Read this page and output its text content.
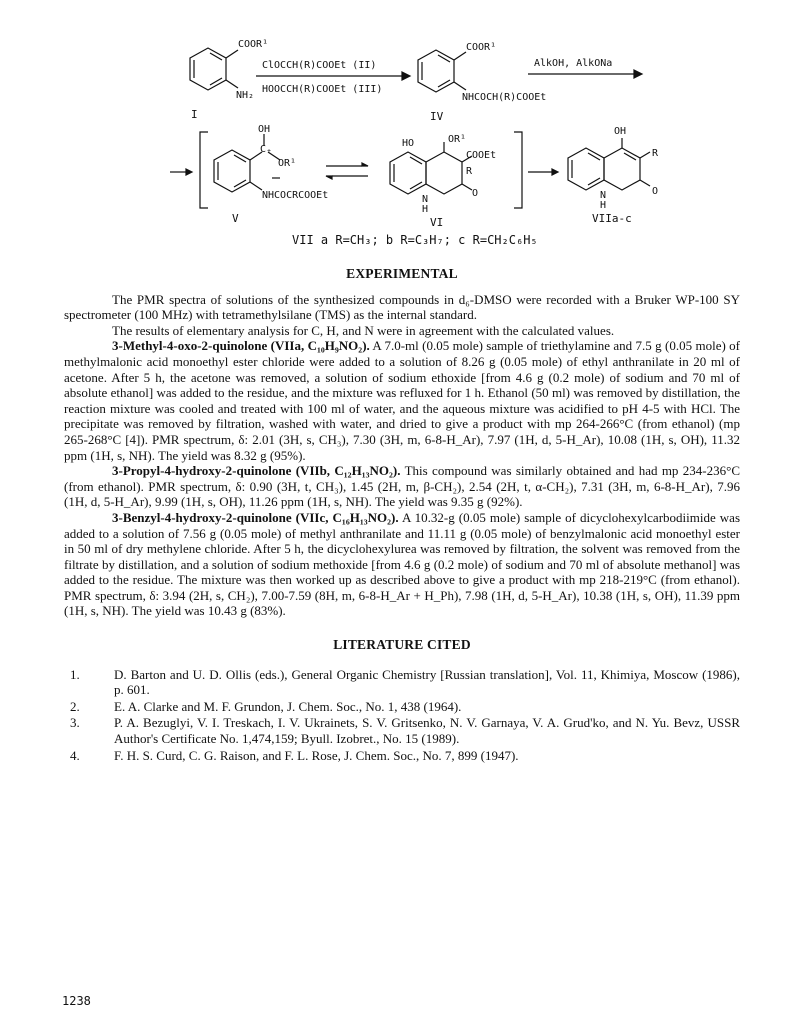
COOR¹
NH₂
I
ClOCCH(R)COOEt (II)
HOOCCH(R)COOEt (III)
COOR¹
NHCOCH(R)COOEt
IV
AlkOH, AlkONa
OH
C₊
OR¹
NHCOCRCOOEt
V
HO	OR¹
COOEt
R
N
H
O
VI
OH
R
N
H
O
VIIa-c
VII a R=CH₃; b R=C₃H₇; c R=CH₂C₆H₅
EXPERIMENTAL

The PMR spectra of solutions of the synthesized compounds in d₆-DMSO were recorded with a Bruker WP-100 SY spectrometer (100 MHz) with tetramethylsilane (TMS) as the internal standard.

The results of elementary analysis for C, H, and N were in agreement with the calculated values.

3-Methyl-4-oxo-2-quinolone (VIIa, C₁₀H₉NO₂). A 7.0-ml (0.05 mole) sample of triethylamine and 7.5 g (0.05 mole) of methylmalonic acid monoethyl ester chloride were added to a solution of 8.26 g (0.05 mole) of ethyl anthranilate in 20 ml of acetone. After 5 h, the acetone was removed, a solution of sodium ethoxide [from 4.6 g (0.2 mole) of sodium and 70 ml of absolute ethanol] was added to the residue, and the mixture was refluxed for 1 h. Ethanol (50 ml) was removed by distillation, the reaction mixture was cooled and treated with 100 ml of water, and the aqueous mixture was acidified to pH 4-5 with HCl. The precipitate was removed by filtration, washed with water, and dried to give a product with mp 264-266°C (from ethanol) (mp 265-268°C [4]). PMR spectrum, δ: 2.01 (3H, s, CH₃), 7.30 (3H, m, 6-8-H_Ar), 7.97 (1H, d, 5-H_Ar), 10.08 (1H, s, OH), 11.32 ppm (1H, s, NH). The yield was 8.32 g (95%).

3-Propyl-4-hydroxy-2-quinolone (VIIb, C₁₂H₁₃NO₂). This compound was similarly obtained and had mp 234-236°C (from ethanol). PMR spectrum, δ: 0.90 (3H, t, CH₃), 1.45 (2H, m, β-CH₂), 2.54 (2H, t, α-CH₂), 7.31 (3H, m, 6-8-H_Ar), 7.96 (1H, d, 5-H_Ar), 9.99 (1H, s, OH), 11.26 ppm (1H, s, NH). The yield was 9.35 g (92%).

3-Benzyl-4-hydroxy-2-quinolone (VIIc, C₁₆H₁₃NO₂). A 10.32-g (0.05 mole) sample of dicyclohexylcarbodiimide was added to a solution of 7.56 g (0.05 mole) of methyl anthranilate and 11.11 g (0.05 mole) of benzylmalonic acid monoethyl ester in 50 ml of dry methylene chloride. After 5 h, the dicyclohexylurea was removed by filtration, the solvent was removed from the filtrate by distillation, and a solution of sodium methoxide [from 4.6 g (0.2 mole) of sodium and 70 ml of absolute methanol] was added to the residue. The mixture was then worked up as described above to give a product with mp 218-219°C (from ethanol). PMR spectrum, δ: 3.94 (2H, s, CH₂), 7.00-7.59 (8H, m, 6-8-H_Ar + H_Ph), 7.98 (1H, d, 5-H_Ar), 10.38 (1H, s, OH), 11.39 ppm (1H, s, NH). The yield was 10.43 g (83%).

LITERATURE CITED
1.	D. Barton and U. D. Ollis (eds.), General Organic Chemistry [Russian translation], Vol. 11, Khimiya, Moscow (1986), p. 601.
2.	E. A. Clarke and M. F. Grundon, J. Chem. Soc., No. 1, 438 (1964).
3.	P. A. Bezuglyi, V. I. Treskach, I. V. Ukrainets, S. V. Gritsenko, N. V. Garnaya, V. A. Grud'ko, and N. Yu. Bevz, USSR Author's Certificate No. 1,474,159; Byull. Izobret., No. 15 (1989).
4.	F. H. S. Curd, C. G. Raison, and F. L. Rose, J. Chem. Soc., No. 7, 899 (1947).
1238
